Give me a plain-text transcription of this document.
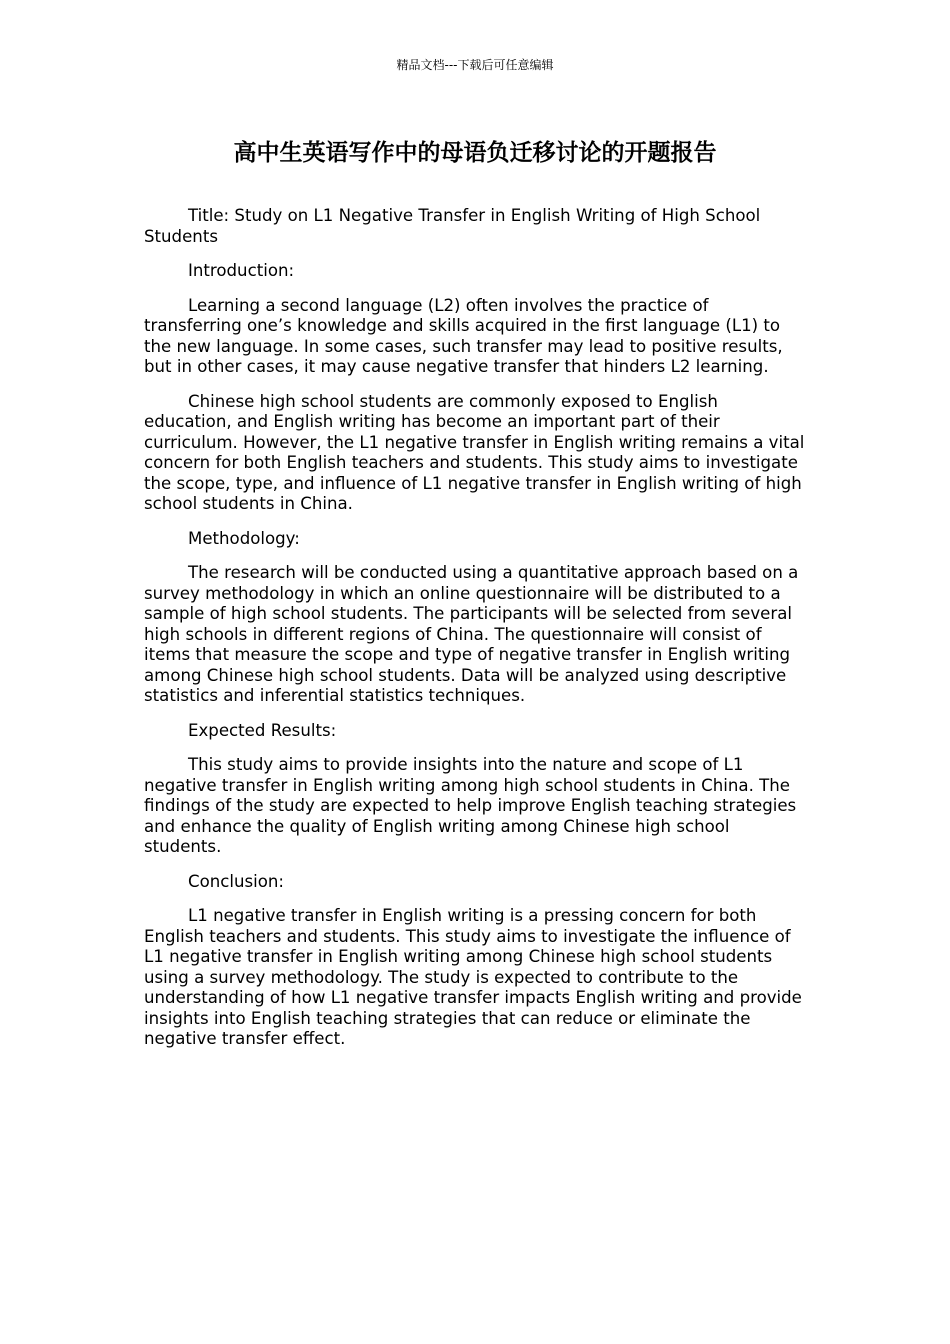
精品文档---下载后可任意编辑
高中生英语写作中的母语负迁移讨论的开题报告

Title: Study on L1 Negative Transfer in English Writing of High School Students

Introduction:

Learning a second language (L2) often involves the practice of transferring one’s knowledge and skills acquired in the first language (L1) to the new language. In some cases, such transfer may lead to positive results, but in other cases, it may cause negative transfer that hinders L2 learning.

Chinese high school students are commonly exposed to English education, and English writing has become an important part of their curriculum. However, the L1 negative transfer in English writing remains a vital concern for both English teachers and students. This study aims to investigate the scope, type, and influence of L1 negative transfer in English writing of high school students in China.

Methodology:

The research will be conducted using a quantitative approach based on a survey methodology in which an online questionnaire will be distributed to a sample of high school students. The participants will be selected from several high schools in different regions of China. The questionnaire will consist of items that measure the scope and type of negative transfer in English writing among Chinese high school students. Data will be analyzed using descriptive statistics and inferential statistics techniques.

Expected Results:

This study aims to provide insights into the nature and scope of L1 negative transfer in English writing among high school students in China. The findings of the study are expected to help improve English teaching strategies and enhance the quality of English writing among Chinese high school students.

Conclusion:

L1 negative transfer in English writing is a pressing concern for both English teachers and students. This study aims to investigate the influence of L1 negative transfer in English writing among Chinese high school students using a survey methodology. The study is expected to contribute to the understanding of how L1 negative transfer impacts English writing and provide insights into English teaching strategies that can reduce or eliminate the negative transfer effect.
